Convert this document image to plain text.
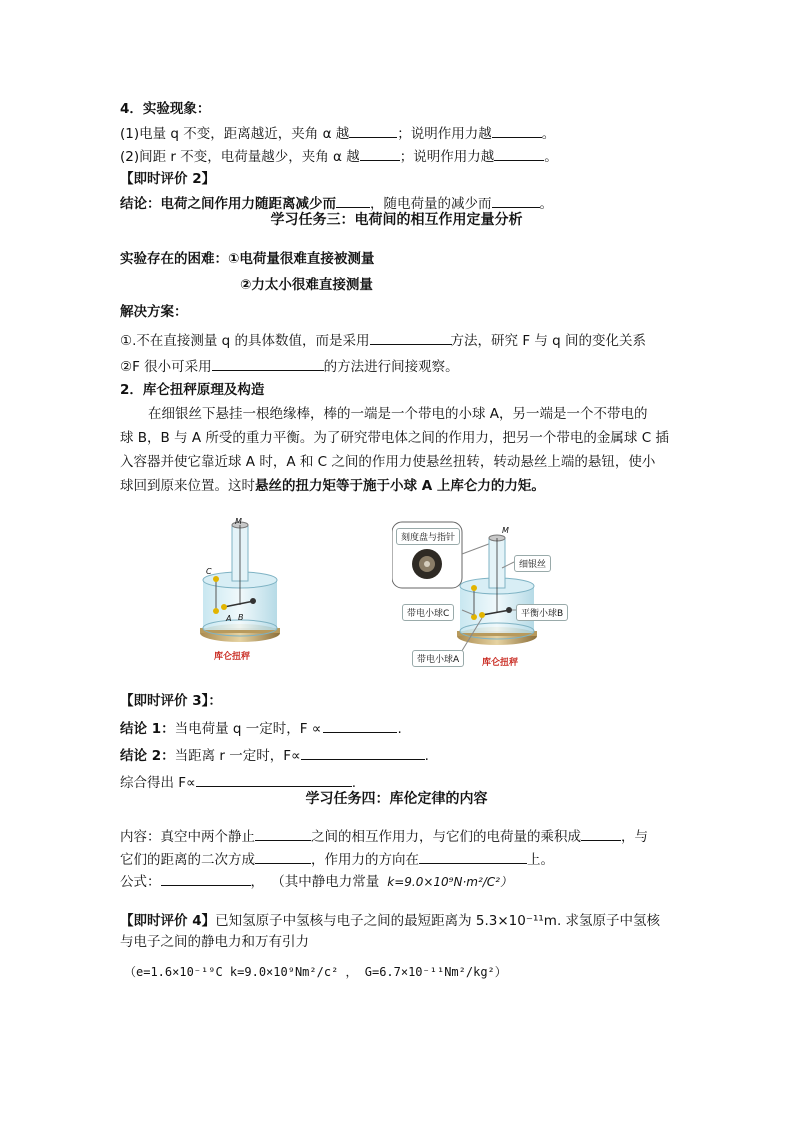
4．实验现象：
(1)电量 q 不变，距离越近，夹角 α 越	；说明作用力越	。
(2)间距 r 不变，电荷量越少，夹角 α 越	；说明作用力越	。
【即时评价 2】
结论：电荷之间作用力随距离减少而	，随电荷量的减少而	。
学习任务三：电荷间的相互作用定量分析
实验存在的困难：①电荷量很难直接被测量
②力太小很难直接测量
解决方案：
①.不在直接测量 q 的具体数值，而是采用	方法，研究 F 与 q 间的变化关系
②F 很小可采用	的方法进行间接观察。
2．库仑扭秤原理及构造
在细银丝下悬挂一根绝缘棒，棒的一端是一个带电的小球 A，另一端是一个不带电的
球 B，B 与 A 所受的重力平衡。为了研究带电体之间的作用力，把另一个带电的金属球 C 插
入容器并使它靠近球 A 时，A 和 C 之间的作用力使悬丝扭转，转动悬丝上端的悬钮，使小
球回到原来位置。这时悬丝的扭力矩等于施于小球 A 上库仑力的力矩。
M
C
A B
库仑扭秤
刻度盘与指针
细银丝
带电小球C	平衡小球B
带电小球A
M
库仑扭秤
【即时评价 3】：
结论 1：当电荷量 q 一定时，F ∝	.
结论 2：当距离 r 一定时，F∝	.
综合得出 F∝	.
学习任务四：库伦定律的内容
内容：真空中两个静止	之间的相互作用力，与它们的电荷量的乘积成	，与
它们的距离的二次方成	，作用力的方向在	上。
公式：	， （其中静电力常量 k=9.0×10⁹N·m²/C²）
【即时评价 4】已知氢原子中氢核与电子之间的最短距离为 5.3×10⁻¹¹m. 求氢原子中氢核
与电子之间的静电力和万有引力
（e=1.6×10⁻¹⁹C k=9.0×10⁹Nm²/c² ， G=6.7×10⁻¹¹Nm²/kg²）
